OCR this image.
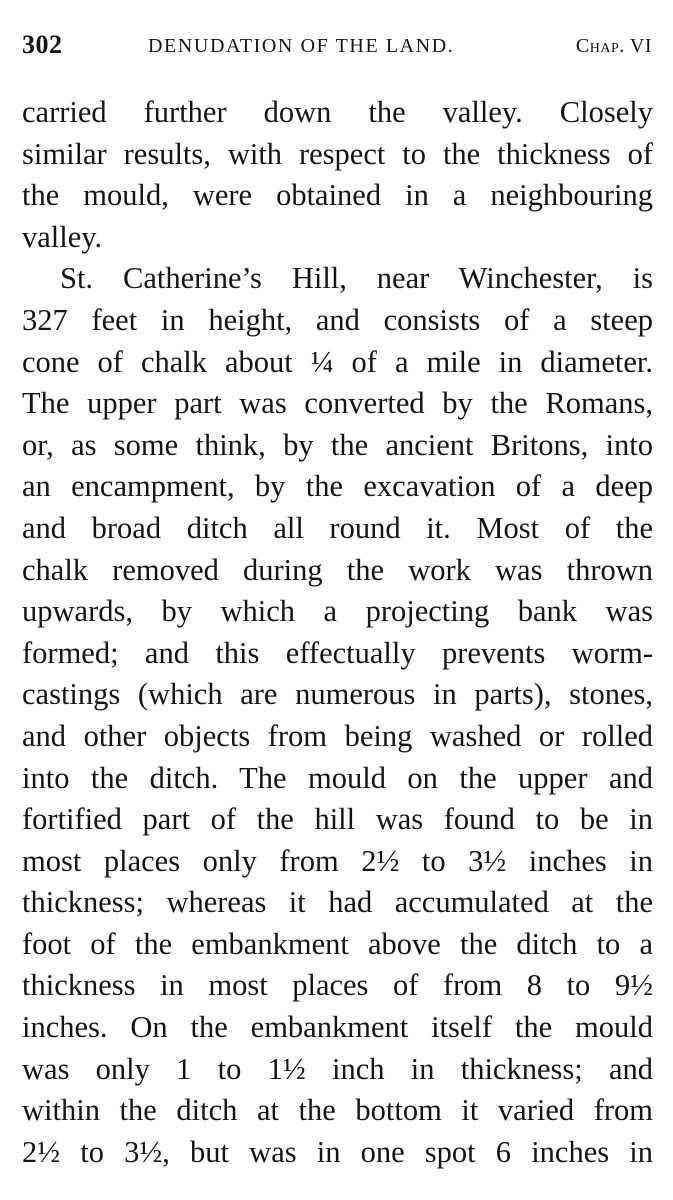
302	DENUDATION OF THE LAND.	Chap. VI
carried further down the valley. Closely
similar results, with respect to the thickness of
the mould, were obtained in a neighbouring
valley.
St. Catherine’s Hill, near Winchester, is
327 feet in height, and consists of a steep
cone of chalk about ¼ of a mile in diameter.
The upper part was converted by the Romans,
or, as some think, by the ancient Britons, into
an encampment, by the excavation of a deep
and broad ditch all round it. Most of the
chalk removed during the work was thrown
upwards, by which a projecting bank was
formed; and this effectually prevents worm-
castings (which are numerous in parts), stones,
and other objects from being washed or rolled
into the ditch. The mould on the upper and
fortified part of the hill was found to be in
most places only from 2½ to 3½ inches in
thickness; whereas it had accumulated at the
foot of the embankment above the ditch to a
thickness in most places of from 8 to 9½
inches. On the embankment itself the mould
was only 1 to 1½ inch in thickness; and
within the ditch at the bottom it varied from
2½ to 3½, but was in one spot 6 inches in
